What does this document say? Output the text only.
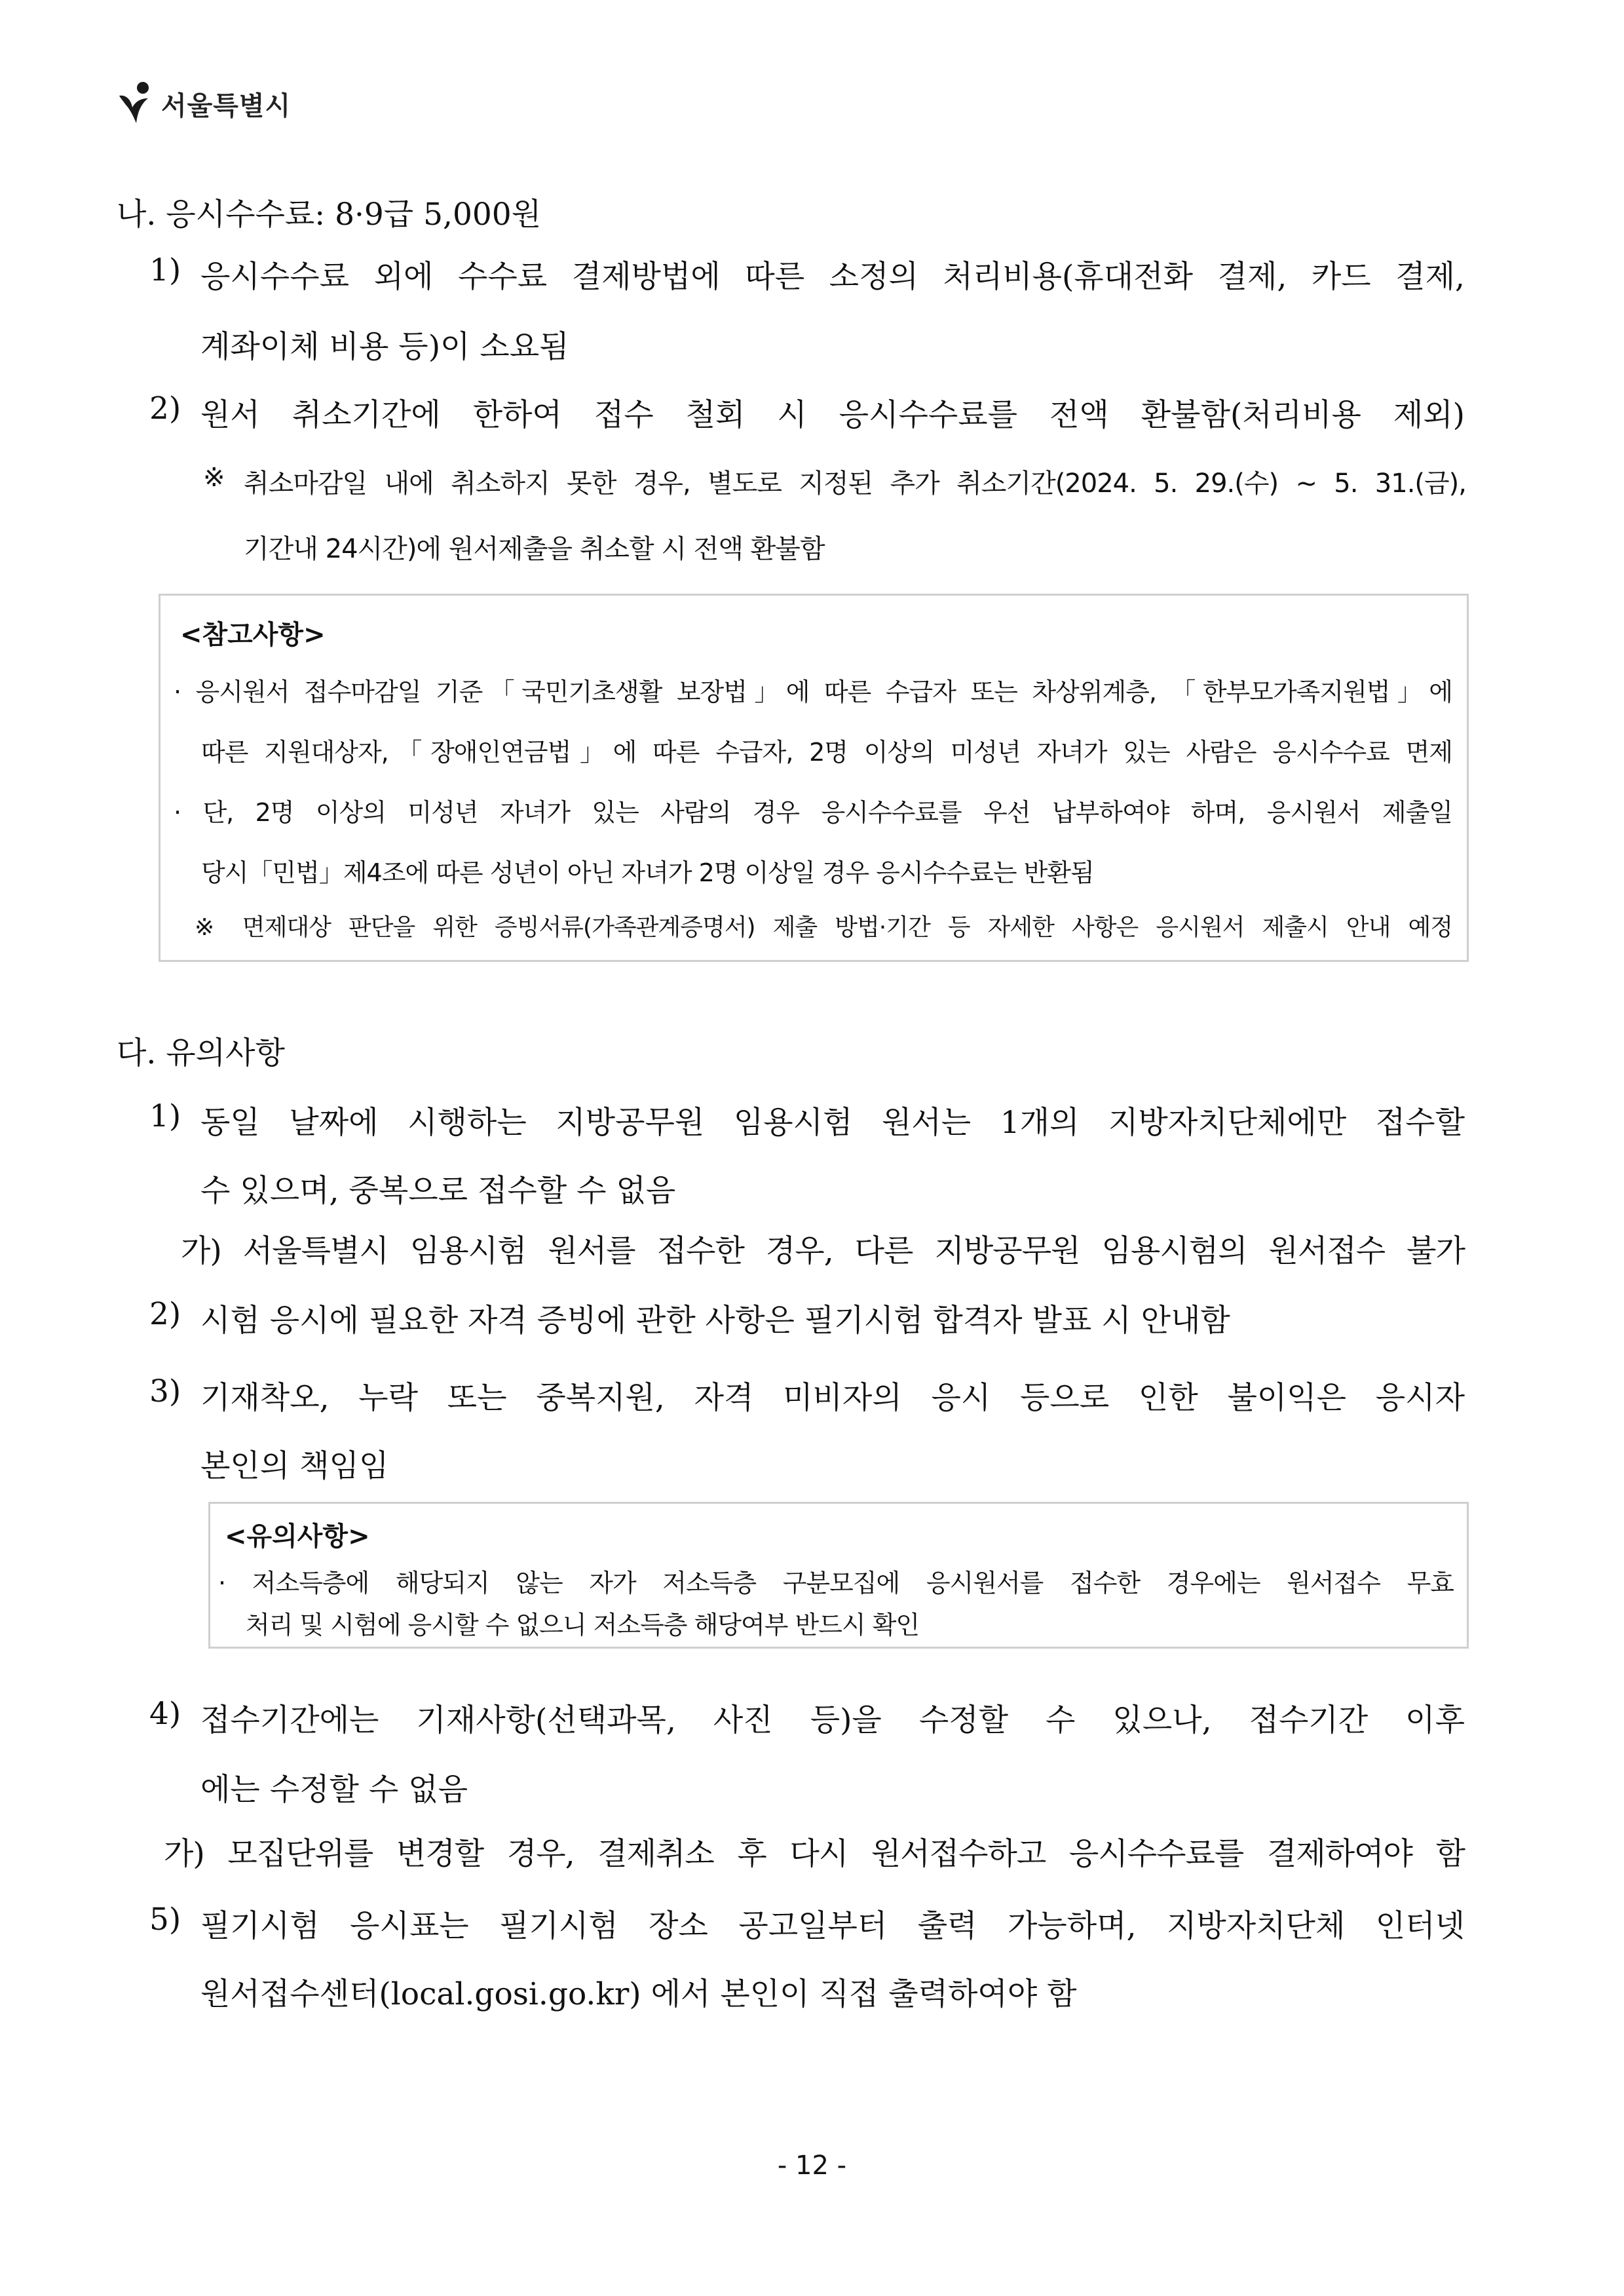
서울특별시
나. 응시수수료: 8·9급 5,000원
1) 응시수수료 외에 수수료 결제방법에 따른 소정의 처리비용(휴대전화 결제, 카드 결제,
계좌이체 비용 등)이 소요됨
2) 원서 취소기간에 한하여 접수 철회 시 응시수수료를 전액 환불함(처리비용 제외)
※ 취소마감일 내에 취소하지 못한 경우, 별도로 지정된 추가 취소기간(2024. 5. 29.(수) ~ 5. 31.(금),
기간내 24시간)에 원서제출을 취소할 시 전액 환불함
<참고사항>
· 응시원서 접수마감일 기준「국민기초생활 보장법」에 따른 수급자 또는 차상위계층, 「한부모가족지원법」에
따른 지원대상자,「장애인연금법」에 따른 수급자, 2명 이상의 미성년 자녀가 있는 사람은 응시수수료 면제
· 단, 2명 이상의 미성년 자녀가 있는 사람의 경우 응시수수료를 우선 납부하여야 하며, 응시원서 제출일
당시「민법」제4조에 따른 성년이 아닌 자녀가 2명 이상일 경우 응시수수료는 반환됨
※ 면제대상 판단을 위한 증빙서류(가족관계증명서) 제출 방법·기간 등 자세한 사항은 응시원서 제출시 안내 예정
다. 유의사항
1) 동일 날짜에 시행하는 지방공무원 임용시험 원서는 1개의 지방자치단체에만 접수할
수 있으며, 중복으로 접수할 수 없음
가) 서울특별시 임용시험 원서를 접수한 경우, 다른 지방공무원 임용시험의 원서접수 불가
2) 시험 응시에 필요한 자격 증빙에 관한 사항은 필기시험 합격자 발표 시 안내함
3) 기재착오, 누락 또는 중복지원, 자격 미비자의 응시 등으로 인한 불이익은 응시자
본인의 책임임
<유의사항>
· 저소득층에 해당되지 않는 자가 저소득층 구분모집에 응시원서를 접수한 경우에는 원서접수 무효
처리 및 시험에 응시할 수 없으니 저소득층 해당여부 반드시 확인
4) 접수기간에는 기재사항(선택과목, 사진 등)을 수정할 수 있으나, 접수기간 이후
에는 수정할 수 없음
가) 모집단위를 변경할 경우, 결제취소 후 다시 원서접수하고 응시수수료를 결제하여야 함
5) 필기시험 응시표는 필기시험 장소 공고일부터 출력 가능하며, 지방자치단체 인터넷
원서접수센터(local.gosi.go.kr) 에서 본인이 직접 출력하여야 함
- 12 -
